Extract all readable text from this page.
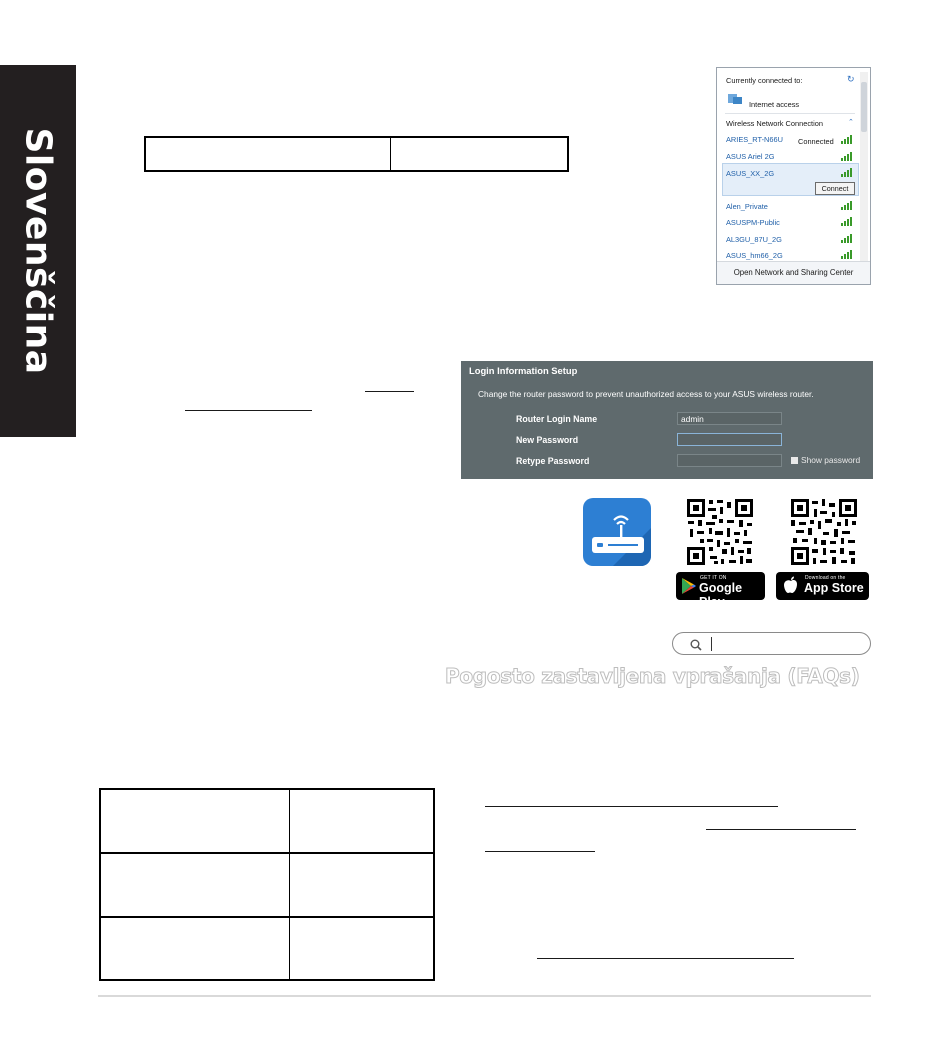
Slovenščina
Currently connected to:	↻
Internet access
Wireless Network Connection	⌃
ARIES_RT-N66U Connected
ASUS Ariel 2G
ASUS_XX_2G
Connect
Alen_Private
ASUSPM-Public
AL3GU_87U_2G
ASUS_hm66_2G
Open Network and Sharing Center
Login Information Setup
Change the router password to prevent unauthorized access to your ASUS wireless router.
Router Login Name	admin
New Password
Retype Password	Show password
GET IT ON
Google Play
Download on the
App Store
Pogosto zastavljena vprašanja (FAQs)
